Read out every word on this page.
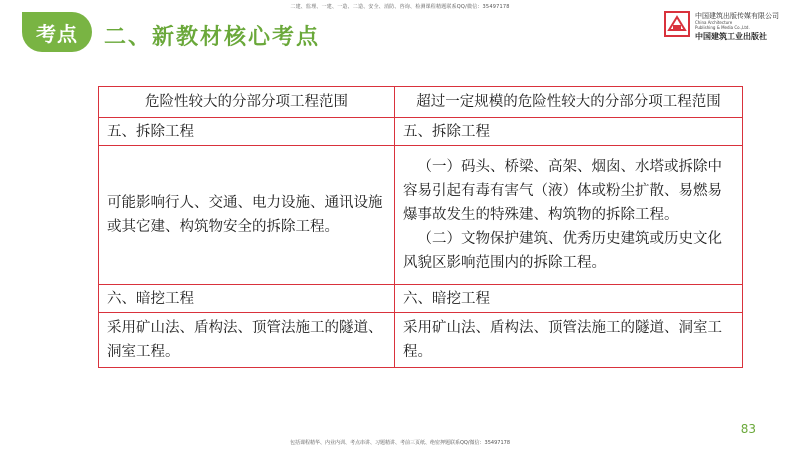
二建、监理、一建、一造、二造、安全、消防、咨询、检测课程精题联系QQ/微信：35497178
考点	二、新教材核心考点
中国建筑出版传媒有限公司
China Architecture
Publishing & Media Co.,Ltd.
中国建筑工业出版社
危险性较大的分部分项工程范围	超过一定规模的危险性较大的分部分项工程范围
五、拆除工程	五、拆除工程
可能影响行人、交通、电力设施、通讯设施或其它建、构筑物安全的拆除工程。	（一）码头、桥梁、高架、烟囱、水塔或拆除中容易引起有毒有害气（液）体或粉尘扩散、易燃易爆事故发生的特殊建、构筑物的拆除工程。
（二）文物保护建筑、优秀历史建筑或历史文化风貌区影响范围内的拆除工程。

六、暗挖工程	六、暗挖工程
采用矿山法、盾构法、顶管法施工的隧道、洞室工程。	采用矿山法、盾构法、顶管法施工的隧道、洞室工程。
83
包括课程精华、内业内训、考点串讲、习题精讲、考前三页纸、绝密押题联系QQ/微信：35497178
